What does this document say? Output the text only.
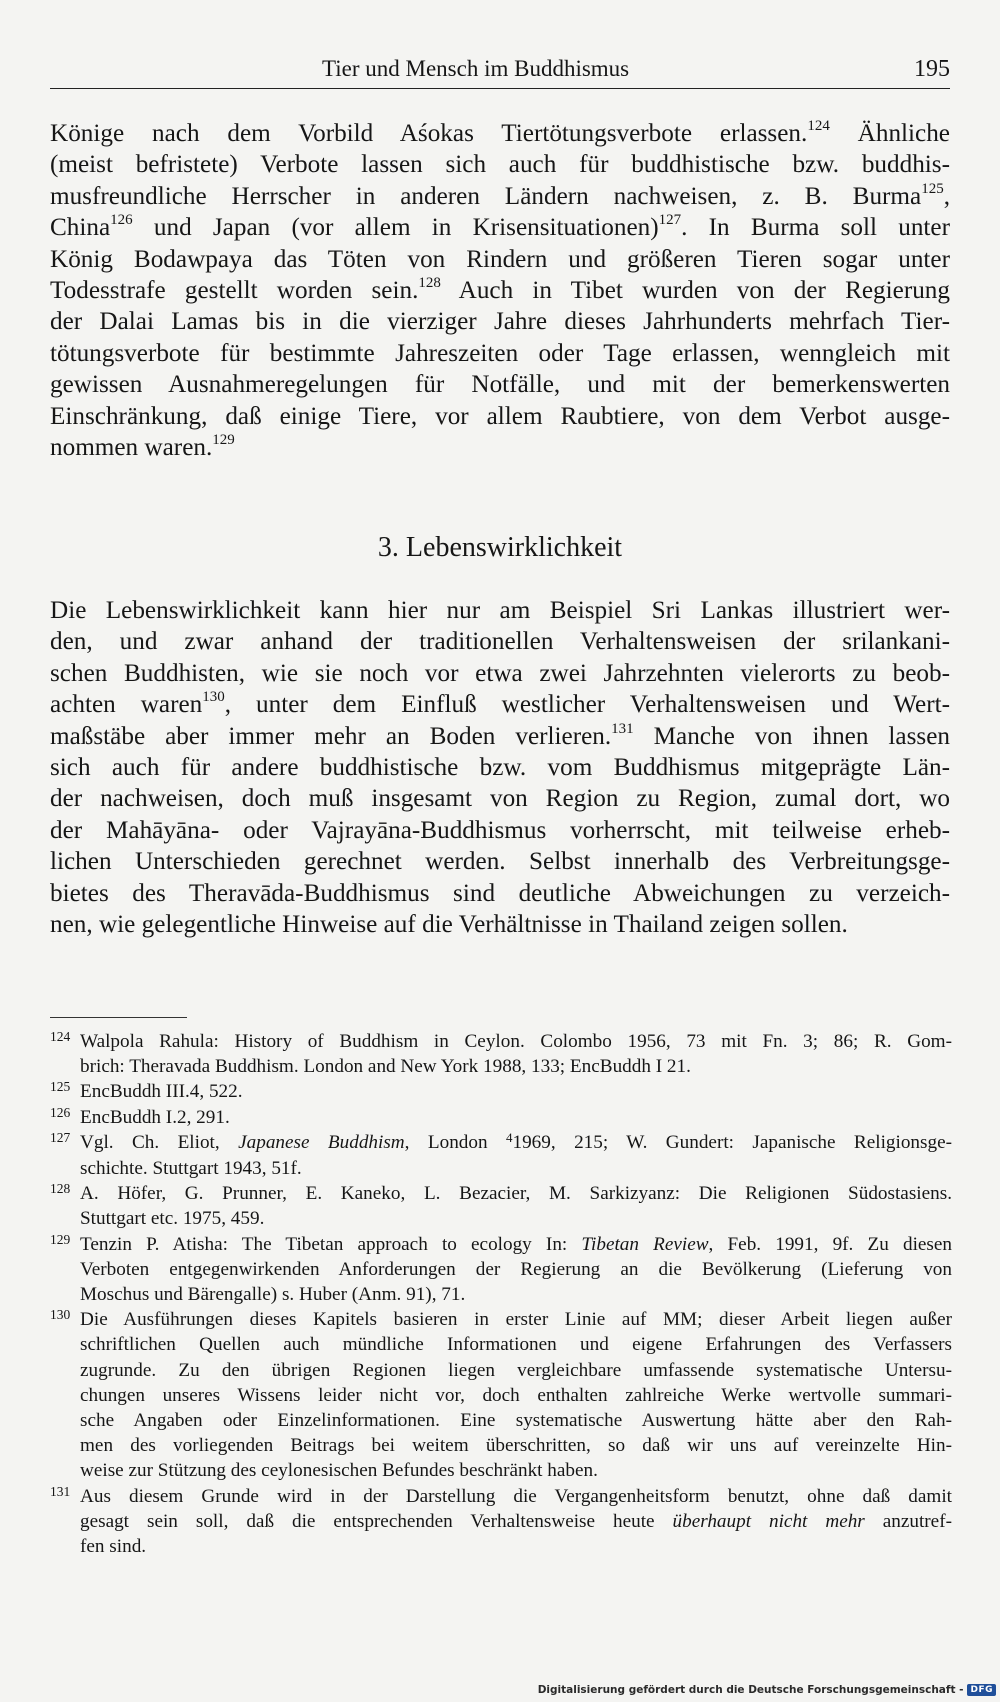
Tier und Mensch im Buddhismus	195
Könige nach dem Vorbild Aśokas Tiertötungsverbote erlassen.$^{124}$ Ähnliche
(meist befristete) Verbote lassen sich auch für buddhistische bzw. buddhis-
musfreundliche Herrscher in anderen Ländern nachweisen, z. B. Burma$^{125}$,
China$^{126}$ und Japan (vor allem in Krisensituationen)$^{127}$. In Burma soll unter
König Bodawpaya das Töten von Rindern und größeren Tieren sogar unter
Todesstrafe gestellt worden sein.$^{128}$ Auch in Tibet wurden von der Regierung
der Dalai Lamas bis in die vierziger Jahre dieses Jahrhunderts mehrfach Tier-
tötungsverbote für bestimmte Jahreszeiten oder Tage erlassen, wenngleich mit
gewissen Ausnahmeregelungen für Notfälle, und mit der bemerkenswerten
Einschränkung, daß einige Tiere, vor allem Raubtiere, von dem Verbot ausge-
nommen waren.$^{129}$
3. Lebenswirklichkeit
Die Lebenswirklichkeit kann hier nur am Beispiel Sri Lankas illustriert wer-
den, und zwar anhand der traditionellen Verhaltensweisen der srilankani-
schen Buddhisten, wie sie noch vor etwa zwei Jahrzehnten vielerorts zu beob-
achten waren$^{130}$, unter dem Einfluß westlicher Verhaltensweisen und Wert-
maßstäbe aber immer mehr an Boden verlieren.$^{131}$ Manche von ihnen lassen
sich auch für andere buddhistische bzw. vom Buddhismus mitgeprägte Län-
der nachweisen, doch muß insgesamt von Region zu Region, zumal dort, wo
der Mahāyāna- oder Vajrayāna-Buddhismus vorherrscht, mit teilweise erheb-
lichen Unterschieden gerechnet werden. Selbst innerhalb des Verbreitungsge-
bietes des Theravāda-Buddhismus sind deutliche Abweichungen zu verzeich-
nen, wie gelegentliche Hinweise auf die Verhältnisse in Thailand zeigen sollen.
124 Walpola Rahula: History of Buddhism in Ceylon. Colombo 1956, 73 mit Fn. 3; 86; R. Gom-
brich: Theravada Buddhism. London and New York 1988, 133; EncBuddh I 21.
125 EncBuddh III.4, 522.
126 EncBuddh I.2, 291.
127 Vgl. Ch. Eliot, Japanese Buddhism, London $^4$1969, 215; W. Gundert: Japanische Religionsge-
schichte. Stuttgart 1943, 51f.
128 A. Höfer, G. Prunner, E. Kaneko, L. Bezacier, M. Sarkizyanz: Die Religionen Südostasiens.
Stuttgart etc. 1975, 459.
129 Tenzin P. Atisha: The Tibetan approach to ecology In: Tibetan Review, Feb. 1991, 9f. Zu diesen
Verboten entgegenwirkenden Anforderungen der Regierung an die Bevölkerung (Lieferung von
Moschus und Bärengalle) s. Huber (Anm. 91), 71.
130 Die Ausführungen dieses Kapitels basieren in erster Linie auf MM; dieser Arbeit liegen außer
schriftlichen Quellen auch mündliche Informationen und eigene Erfahrungen des Verfassers
zugrunde. Zu den übrigen Regionen liegen vergleichbare umfassende systematische Untersu-
chungen unseres Wissens leider nicht vor, doch enthalten zahlreiche Werke wertvolle summari-
sche Angaben oder Einzelinformationen. Eine systematische Auswertung hätte aber den Rah-
men des vorliegenden Beitrags bei weitem überschritten, so daß wir uns auf vereinzelte Hin-
weise zur Stützung des ceylonesischen Befundes beschränkt haben.
131 Aus diesem Grunde wird in der Darstellung die Vergangenheitsform benutzt, ohne daß damit
gesagt sein soll, daß die entsprechenden Verhaltensweise heute überhaupt nicht mehr anzutref-
fen sind.
Digitalisierung gefördert durch die Deutsche Forschungsgemeinschaft - DFG
